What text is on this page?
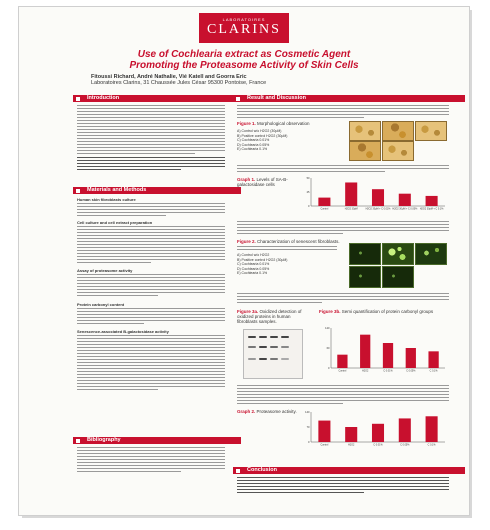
LABORATOIRES
CLARINS
Use of Cochlearia extract as Cosmetic Agent
Promoting the Proteasome Activity of Skin Cells
Fitoussi Richard, André Nathalie, Vié Katell and Goorra Eric
Laboratoires Clarins, 31 Chaussée Jules César 95300 Pontoise, France
Introduction
Materials and Methods
Human skin fibroblasts culture
Cell culture and cell extract preparation
Assay of proteasome activity
Protein carbonyl content
Senescence-associated B-galactosidase activity
Bibliography
Result and Discussion
Figure 1. Morphological observation
A) Control w/o H2O2 (30μM)
B) Positive control H2O2 (30μM)
C) Cochlearia 0.01%
D) Cochlearia 0.05%
E) Cochlearia 0.1%
Graph 1. Levels of SA-B-galactosidase cells
Control	H2O2 30μM	H2O2 30μM + C 0.01% H2O2 30μM + C 0.05%	H2O2 30μM + C 0.1%
0
25
50
Figure 2. Characterization of senescent fibroblasts.
A) Control w/o H2O2
B) Positive control H2O2 (30μM)
C) Cochlearia 0.01%
D) Cochlearia 0.05%
E) Cochlearia 0.1%
Figure 3a. Oxidized detection of oxidized proteins in human fibroblasts samples.
Figure 3b. Semi quantification of protein carbonyl groups
Control	H2O2	C 0.01%	C 0.05%	C 0.1%
0
60
120
Graph 2. Proteasome activity.
Control	H2O2	C 0.01%	C 0.05%	C 0.1%
0
70
140
Conclusion
